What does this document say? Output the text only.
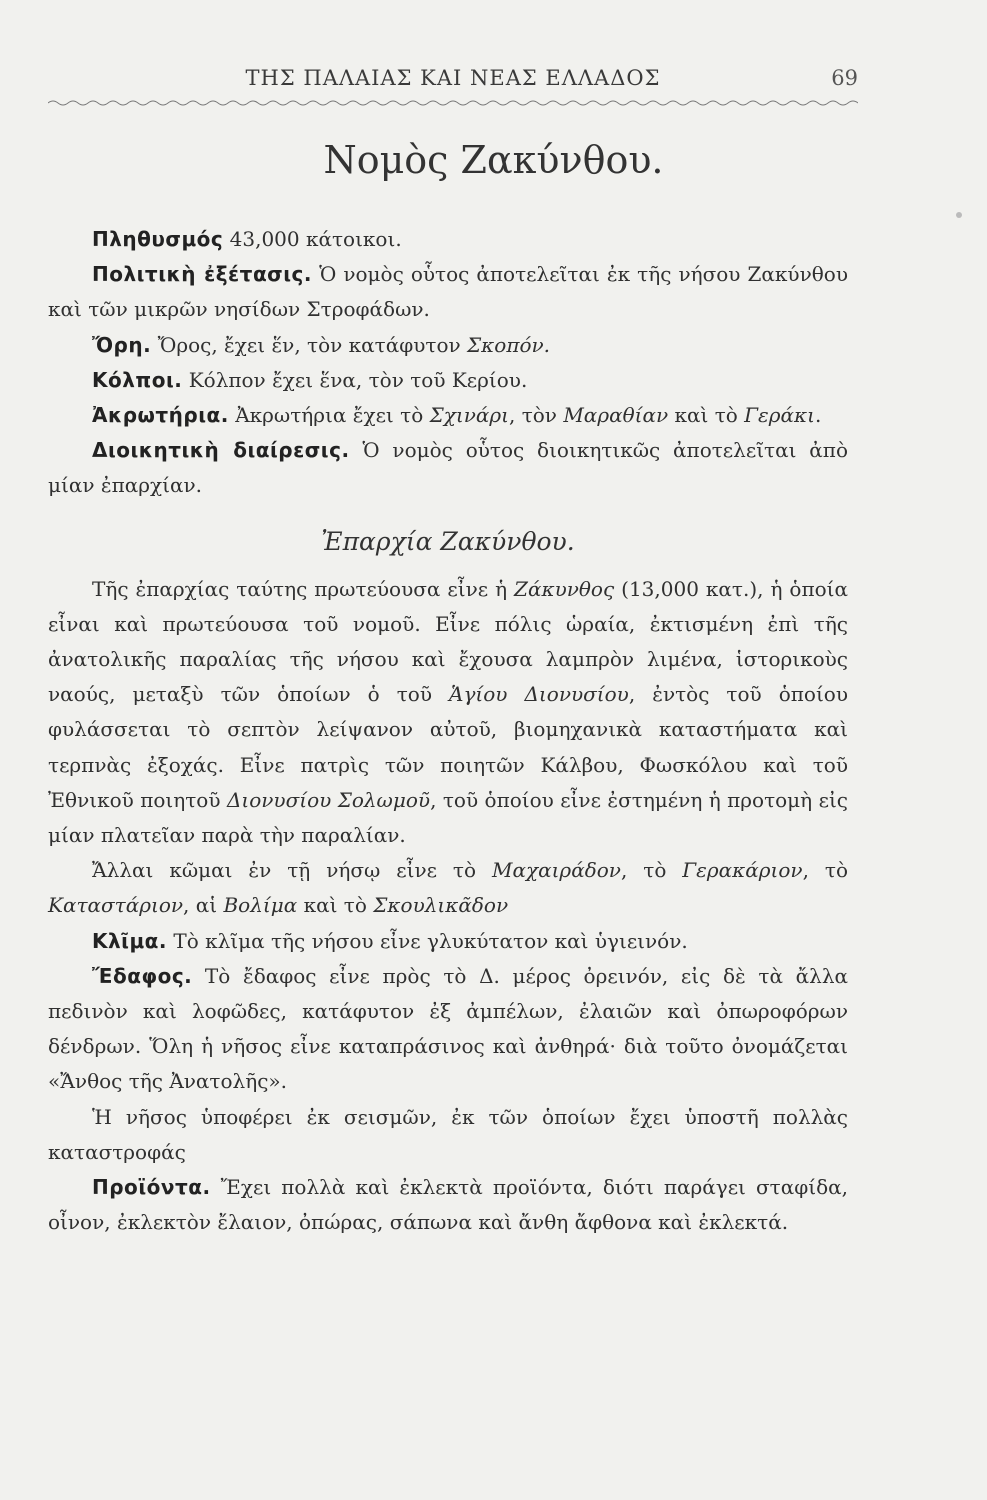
ΤΗΣ ΠΑΛΑΙΑΣ ΚΑΙ ΝΕΑΣ ΕΛΛΑΔΟΣ	69
Νομὸς Ζακύνθου.

Πληθυσμός 43,000 κάτοικοι.

Πολιτικὴ ἐξέτασις. Ὁ νομὸς οὗτος ἀποτελεῖται ἐκ τῆς νήσου Ζακύνθου καὶ τῶν μικρῶν νησίδων Στροφάδων.

Ὄρη. Ὄρος, ἔχει ἕν, τὸν κατάφυτον Σκοπόν.

Κόλποι. Κόλπον ἔχει ἕνα, τὸν τοῦ Κερίου.

Ἀκρωτήρια. Ἀκρωτήρια ἔχει τὸ Σχινάρι, τὸν Μαραθίαν καὶ τὸ Γεράκι.

Διοικητικὴ διαίρεσις. Ὁ νομὸς οὗτος διοικητικῶς ἀποτελεῖται ἀπὸ μίαν ἐπαρχίαν.

Ἐπαρχία Ζακύνθου.

Τῆς ἐπαρχίας ταύτης πρωτεύουσα εἶνε ἡ Ζάκυνθος (13,000 κατ.), ἡ ὁποία εἶναι καὶ πρωτεύουσα τοῦ νομοῦ. Εἶνε πόλις ὡραία, ἐκτισμένη ἐπὶ τῆς ἀνατολικῆς παραλίας τῆς νήσου καὶ ἔχουσα λαμπρὸν λιμένα, ἱστορικοὺς ναούς, μεταξὺ τῶν ὁποίων ὁ τοῦ Ἁγίου Διονυσίου, ἐντὸς τοῦ ὁποίου φυλάσσεται τὸ σεπτὸν λείψανον αὐτοῦ, βιομηχανικὰ καταστήματα καὶ τερπνὰς ἐξοχάς. Εἶνε πατρὶς τῶν ποιητῶν Κάλβου, Φωσκόλου καὶ τοῦ Ἐθνικοῦ ποιητοῦ Διονυσίου Σολωμοῦ, τοῦ ὁποίου εἶνε ἐστημένη ἡ προτομὴ εἰς μίαν πλατεῖαν παρὰ τὴν παραλίαν.

Ἄλλαι κῶμαι ἐν τῇ νήσῳ εἶνε τὸ Μαχαιράδον, τὸ Γερακάριον, τὸ Καταστάριον, αἱ Βολίμα καὶ τὸ Σκουλικᾶδον

Κλῖμα. Τὸ κλῖμα τῆς νήσου εἶνε γλυκύτατον καὶ ὑγιεινόν.

Ἔδαφος. Τὸ ἔδαφος εἶνε πρὸς τὸ Δ. μέρος ὀρεινόν, εἰς δὲ τὰ ἄλλα πεδινὸν καὶ λοφῶδες, κατάφυτον ἐξ ἀμπέλων, ἐλαιῶν καὶ ὀπωροφόρων δένδρων. Ὅλη ἡ νῆσος εἶνε καταπράσινος καὶ ἀνθηρά· διὰ τοῦτο ὀνομάζεται «Ἄνθος τῆς Ἀνατολῆς».

Ἡ νῆσος ὑποφέρει ἐκ σεισμῶν, ἐκ τῶν ὁποίων ἔχει ὑποστῆ πολλὰς καταστροφάς

Προϊόντα. Ἔχει πολλὰ καὶ ἐκλεκτὰ προϊόντα, διότι παράγει σταφίδα, οἶνον, ἐκλεκτὸν ἔλαιον, ὀπώρας, σάπωνα καὶ ἄνθη ἄφθονα καὶ ἐκλεκτά.
